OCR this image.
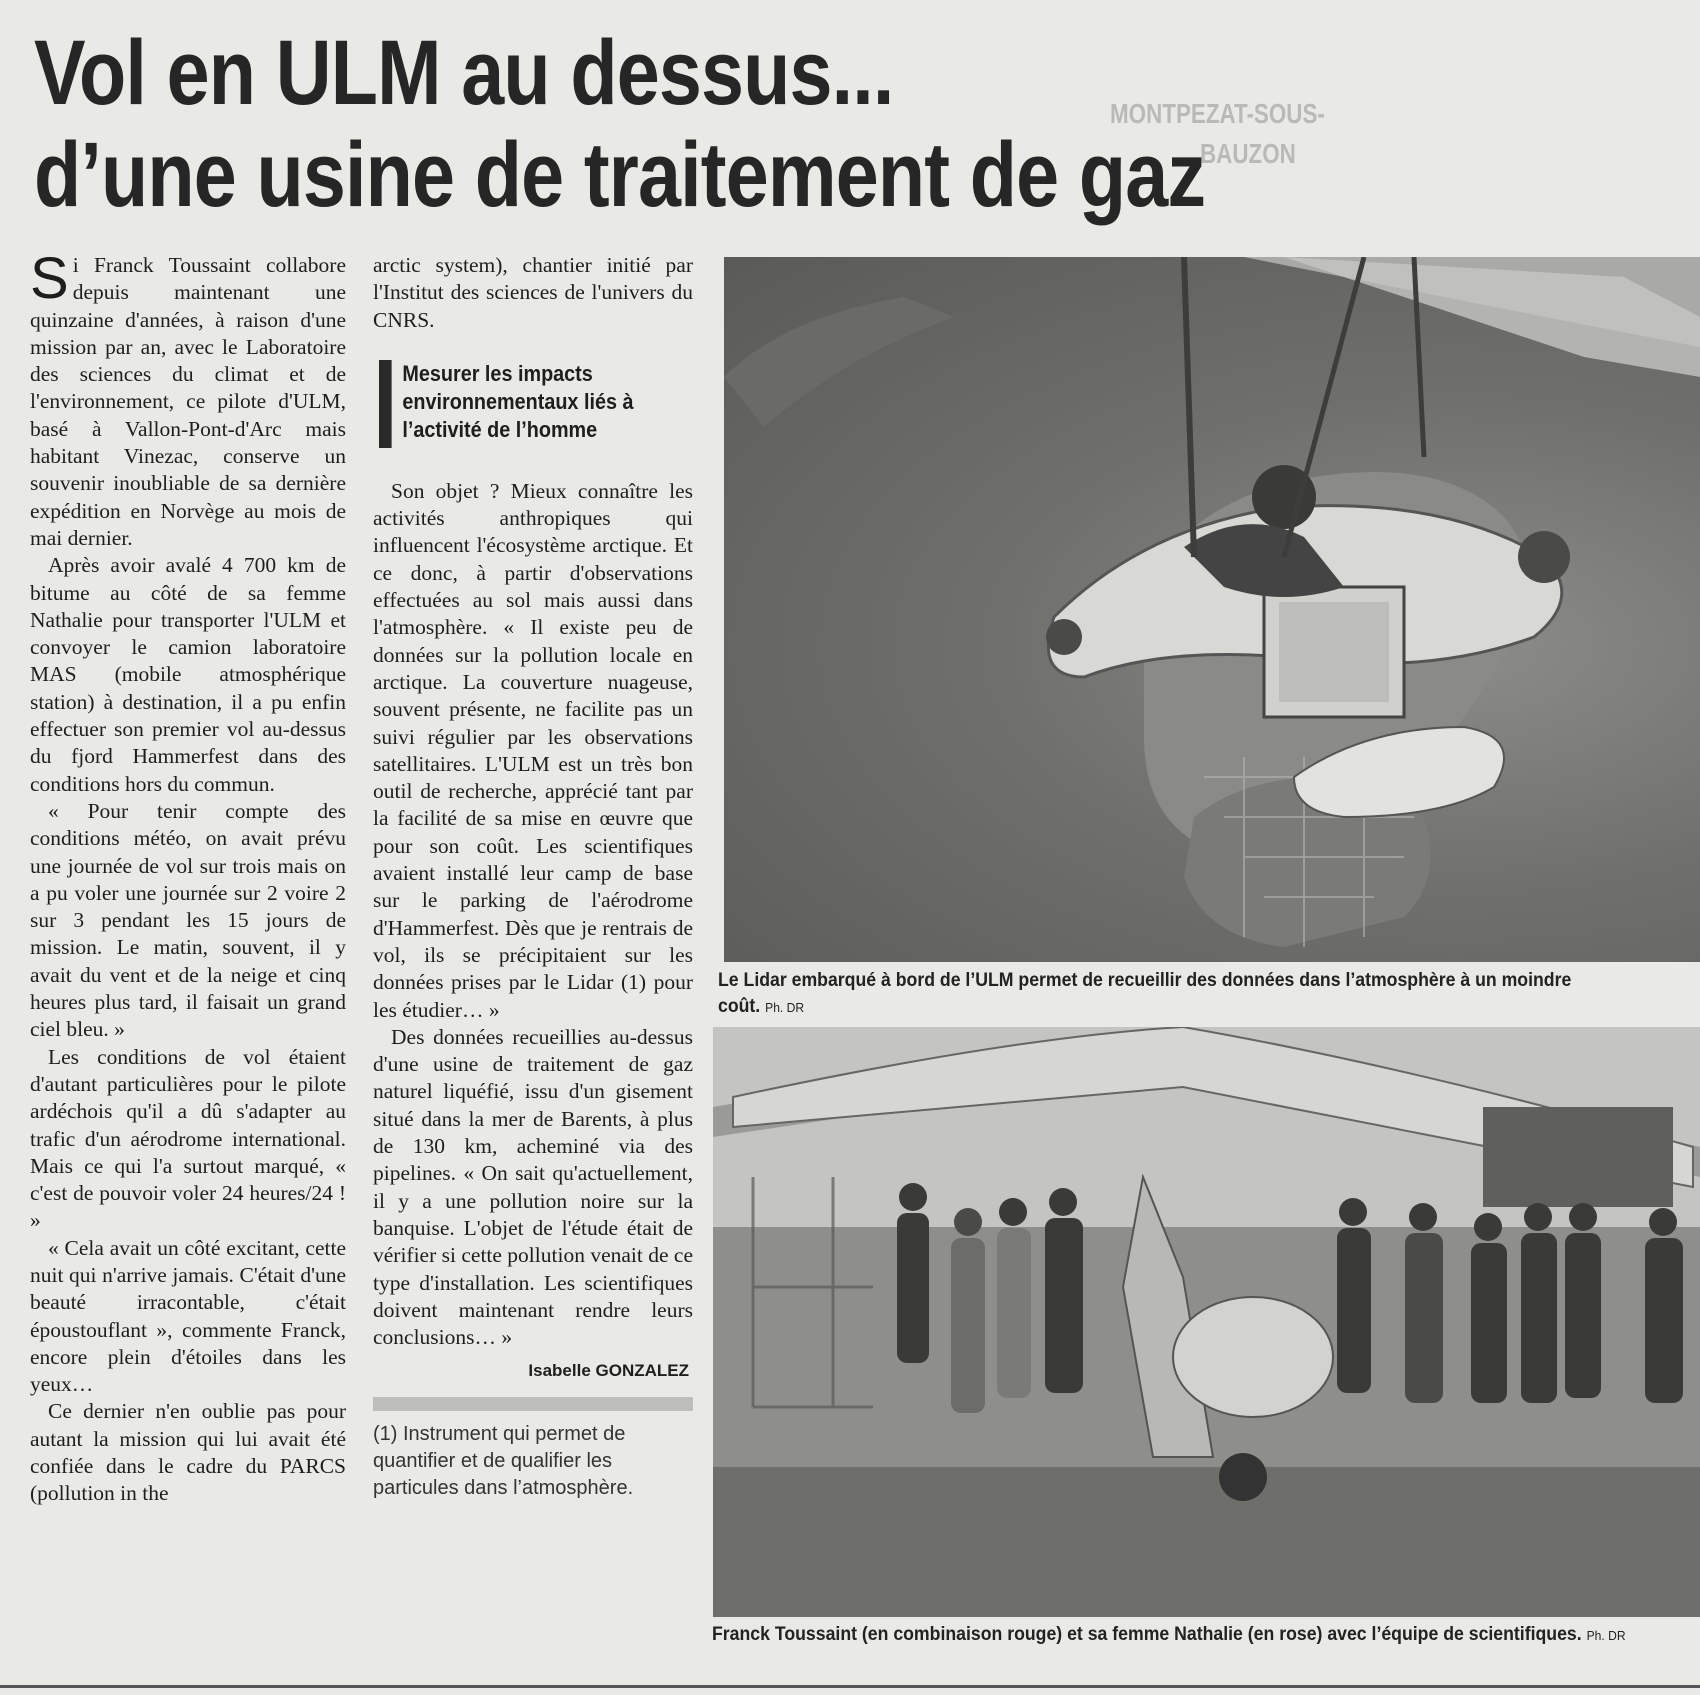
MONTPEZAT-SOUS-
BAUZON
Vol en ULM au dessus...
d’une usine de traitement de gaz

Si Franck Toussaint collabore depuis maintenant une quinzaine d'années, à raison d'une mission par an, avec le Laboratoire des sciences du climat et de l'environnement, ce pilote d'ULM, basé à Vallon-Pont-d'Arc mais habitant Vinezac, conserve un souvenir inoubliable de sa dernière expédition en Norvège au mois de mai dernier.

Après avoir avalé 4 700 km de bitume au côté de sa femme Nathalie pour transporter l'ULM et convoyer le camion laboratoire MAS (mobile atmosphérique station) à destination, il a pu enfin effectuer son premier vol au-dessus du fjord Hammerfest dans des conditions hors du commun.

« Pour tenir compte des conditions météo, on avait prévu une journée de vol sur trois mais on a pu voler une journée sur 2 voire 2 sur 3 pendant les 15 jours de mission. Le matin, souvent, il y avait du vent et de la neige et cinq heures plus tard, il faisait un grand ciel bleu. »

Les conditions de vol étaient d'autant particulières pour le pilote ardéchois qu'il a dû s'adapter au trafic d'un aérodrome international. Mais ce qui l'a surtout marqué, « c'est de pouvoir voler 24 heures/24 ! »

« Cela avait un côté excitant, cette nuit qui n'arrive jamais. C'était d'une beauté irracontable, c'était époustouflant », commente Franck, encore plein d'étoiles dans les yeux…

Ce dernier n'en oublie pas pour autant la mission qui lui avait été confiée dans le cadre du PARCS (pollution in the

arctic system), chantier initié par l'Institut des sciences de l'univers du CNRS.

Mesurer les impacts environnementaux liés à l’activité de l’homme

Son objet ? Mieux connaître les activités anthropiques qui influencent l'écosystème arctique. Et ce donc, à partir d'observations effectuées au sol mais aussi dans l'atmosphère. « Il existe peu de données sur la pollution locale en arctique. La couverture nuageuse, souvent présente, ne facilite pas un suivi régulier par les observations satellitaires. L'ULM est un très bon outil de recherche, apprécié tant par la facilité de sa mise en œuvre que pour son coût. Les scientifiques avaient installé leur camp de base sur le parking de l'aérodrome d'Hammerfest. Dès que je rentrais de vol, ils se précipitaient sur les données prises par le Lidar (1) pour les étudier… »

Des données recueillies au-dessus d'une usine de traitement de gaz naturel liquéfié, issu d'un gisement situé dans la mer de Barents, à plus de 130 km, acheminé via des pipelines. « On sait qu'actuellement, il y a une pollution noire sur la banquise. L'objet de l'étude était de vérifier si cette pollution venait de ce type d'installation. Les scientifiques doivent maintenant rendre leurs conclusions… »

Isabelle GONZALEZ
(1) Instrument qui permet de quantifier et de qualifier les particules dans l’atmosphère.
Le Lidar embarqué à bord de l’ULM permet de recueillir des données dans l’atmosphère à un moindre
coût. Ph. DR
Franck Toussaint (en combinaison rouge) et sa femme Nathalie (en rose) avec l’équipe de scientifiques. Ph. DR
